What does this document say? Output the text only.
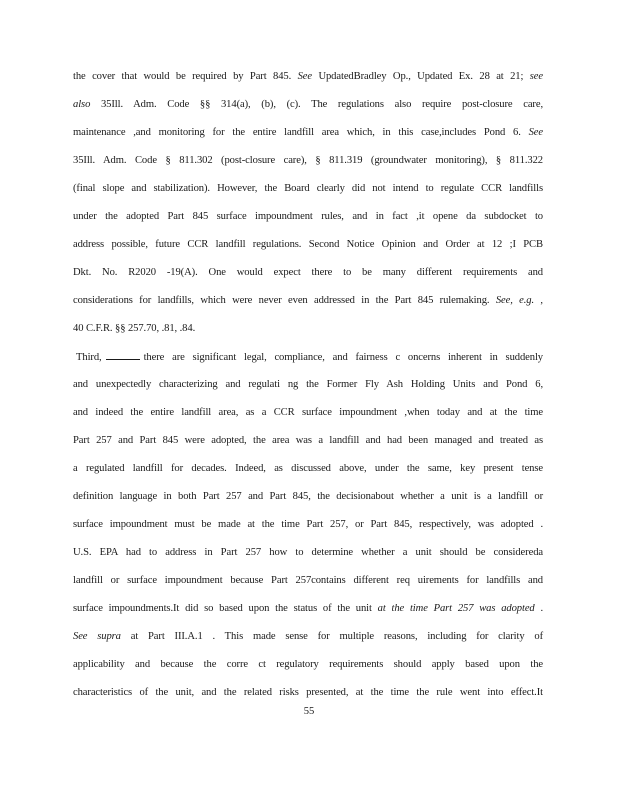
the cover that would be required by Part 845. See UpdatedBradley Op., Updated Ex. 28 at 21; see
also 35Ill. Adm. Code §§ 314(a), (b), (c). The regulations also require post-closure care,
maintenance ,and monitoring for the entire landfill area which, in this case,includes Pond 6. See
35Ill. Adm. Code § 811.302 (post-closure care), § 811.319 (groundwater monitoring), § 811.322
(final slope and stabilization). However, the Board clearly did not intend to regulate CCR landfills
under the adopted Part 845 surface impoundment rules, and in fact ,it opene da subdocket to
address possible, future CCR landfill regulations. Second Notice Opinion and Order at 12 ;I PCB
Dkt. No. R2020 -19(A). One would expect there to be many different requirements and
considerations for landfills, which were never even addressed in the Part 845 rulemaking. See, e.g. ,
40 C.F.R. §§ 257.70, .81, .84.
Third,	there are significant legal, compliance, and fairness c oncerns inherent in suddenly
and unexpectedly characterizing and regulati ng the Former Fly Ash Holding Units and Pond 6,
and indeed the entire landfill area, as a CCR surface impoundment ,when today and at the time
Part 257 and Part 845 were adopted, the area was a landfill and had been managed and treated as
a regulated landfill for decades. Indeed, as discussed above, under the same, key present tense
definition language in both Part 257 and Part 845, the decisionabout whether a unit is a landfill or
surface impoundment must be made at the time Part 257, or Part 845, respectively, was adopted .
U.S. EPA had to address in Part 257 how to determine whether a unit should be considereda
landfill or surface impoundment because Part 257contains different req uirements for landfills and
surface impoundments.It did so based upon the status of the unit at the time Part 257 was adopted .
See supra at Part III.A.1 . This made sense for multiple reasons, including for clarity of
applicability and because the corre ct regulatory requirements should apply based upon the
characteristics of the unit, and the related risks presented, at the time the rule went into effect.It
55
